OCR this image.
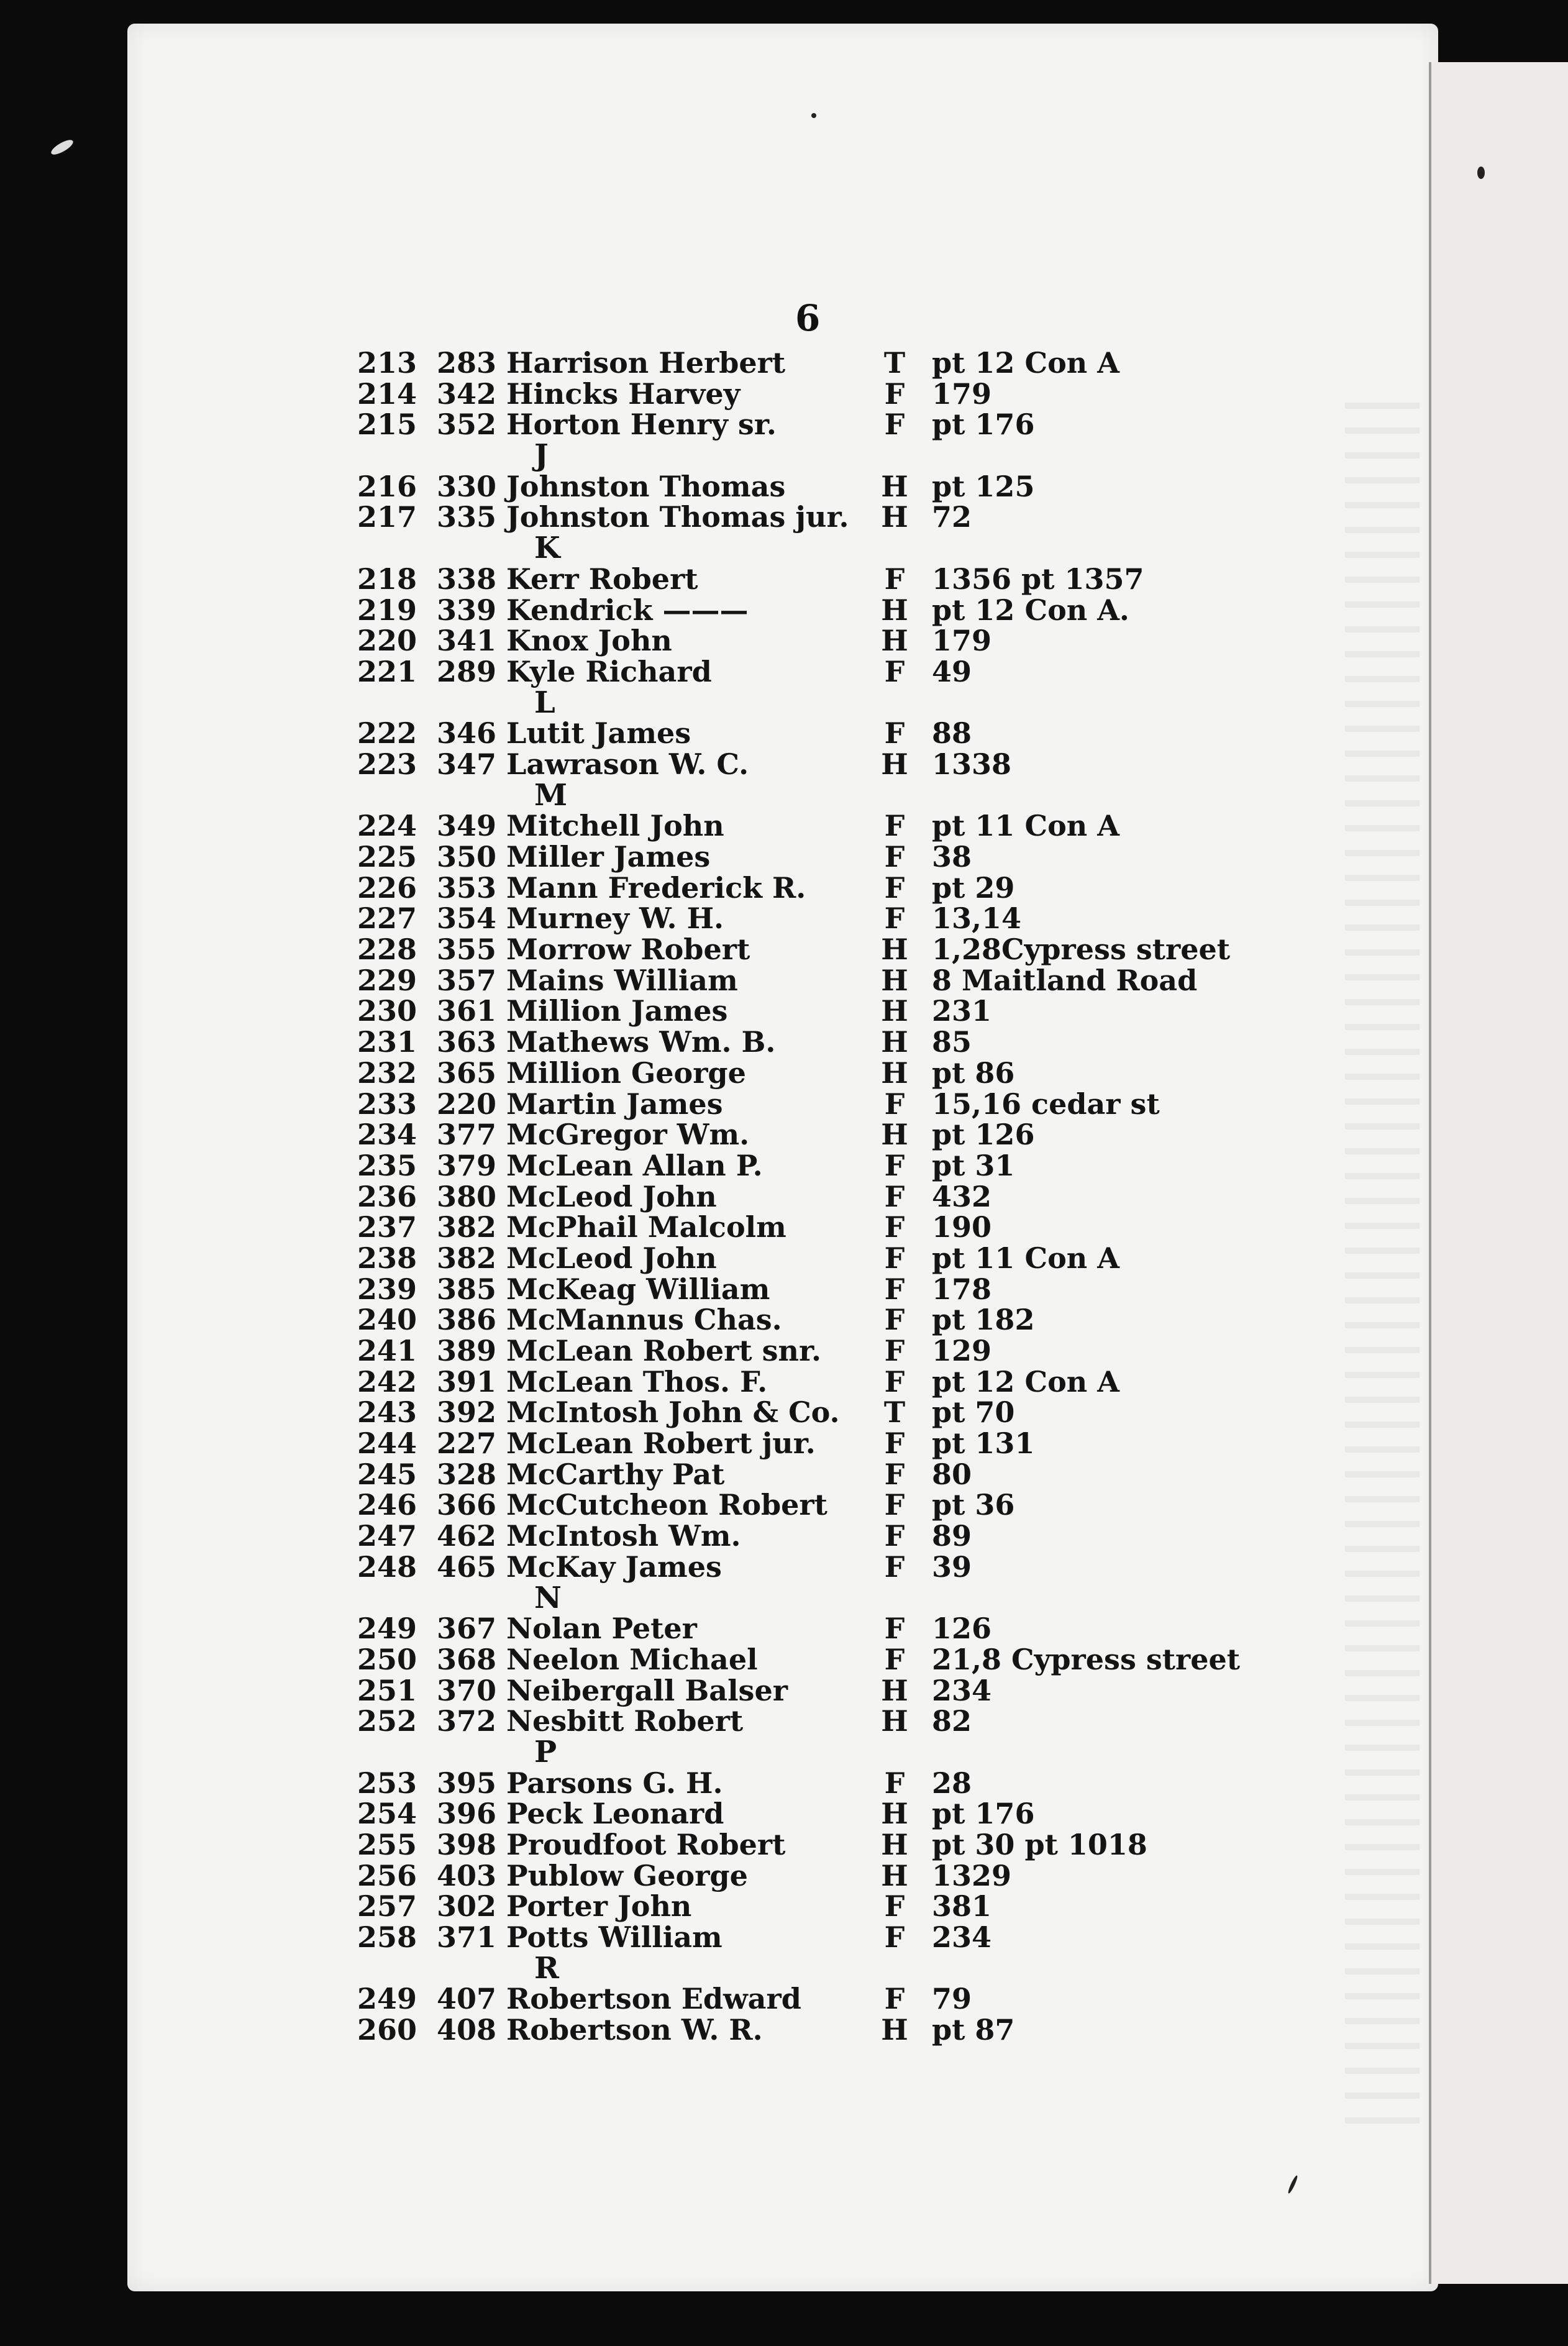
6
213 283 Harrison Herbert	T pt 12 Con A
214 342 Hincks Harvey	F 179
215 352 Horton Henry sr.	F pt 176
J
216 330 Johnston Thomas	H pt 125
217 335 Johnston Thomas jur. H 72
K
218 338 Kerr Robert	F 1356 pt 1357
219 339 Kendrick ———	H pt 12 Con A.
220 341 Knox John	H 179
221 289 Kyle Richard	F 49
L
222 346 Lutit James	F 88
223 347 Lawrason W. C.	H 1338
M
224 349 Mitchell John	F pt 11 Con A
225 350 Miller James	F 38
226 353 Mann Frederick R.	F pt 29
227 354 Murney W. H.	F 13,14
228 355 Morrow Robert	H 1,28Cypress street
229 357 Mains William	H 8 Maitland Road
230 361 Million James	H 231
231 363 Mathews Wm. B.	H 85
232 365 Million George	H pt 86
233 220 Martin James	F 15,16 cedar st
234 377 McGregor Wm.	H pt 126
235 379 McLean Allan P.	F pt 31
236 380 McLeod John	F 432
237 382 McPhail Malcolm	F 190
238 382 McLeod John	F pt 11 Con A
239 385 McKeag William	F 178
240 386 McMannus Chas.	F pt 182
241 389 McLean Robert snr. F 129
242 391 McLean Thos. F.	F pt 12 Con A
243 392 McIntosh John & Co. T pt 70
244 227 McLean Robert jur. F pt 131
245 328 McCarthy Pat	F 80
246 366 McCutcheon Robert F pt 36
247 462 McIntosh Wm.	F 89
248 465 McKay James	F 39
N
249 367 Nolan Peter	F 126
250 368 Neelon Michael	F 21,8 Cypress street
251 370 Neibergall Balser	H 234
252 372 Nesbitt Robert	H 82
P
253 395 Parsons G. H.	F 28
254 396 Peck Leonard	H pt 176
255 398 Proudfoot Robert	H pt 30 pt 1018
256 403 Publow George	H 1329
257 302 Porter John	F 381
258 371 Potts William	F 234
R
249 407 Robertson Edward	F 79
260 408 Robertson W. R.	H pt 87
